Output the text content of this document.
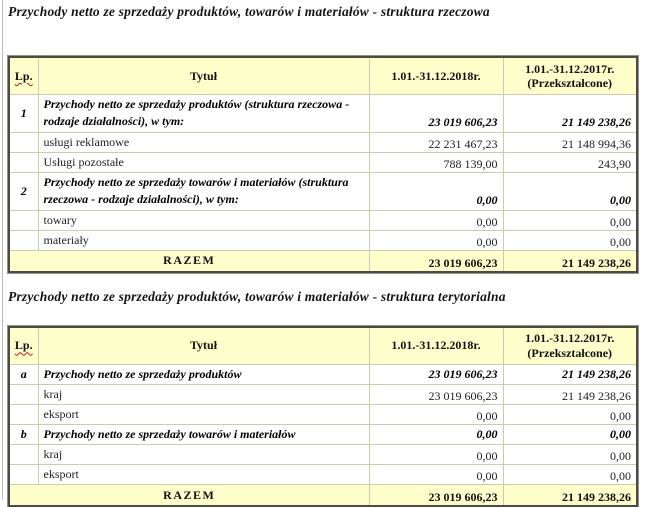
Przychody netto ze sprzedaży produktów, towarów i materiałów - struktura rzeczowa
Lp.	Tytuł	1.01.-31.12.2018r.	1.01.-31.12.2017r. (Przekształcone)
1	Przychody netto ze sprzedaży produktów (struktura rzeczowa - rodzaje działalności), w tym:	23 019 606,23	21 149 238,26
	usługi reklamowe	22 231 467,23	21 148 994,36
	Usługi pozostałe	788 139,00	243,90
2	Przychody netto ze sprzedaży towarów i materiałów (struktura rzeczowa - rodzaje działalności), w tym:	0,00	0,00
	towary	0,00	0,00
	materiały	0,00	0,00
RAZEM		23 019 606,23	21 149 238,26
Przychody netto ze sprzedaży produktów, towarów i materiałów - struktura terytorialna
Lp.	Tytuł	1.01.-31.12.2018r.	1.01.-31.12.2017r. (Przekształcone)
a	Przychody netto ze sprzedaży produktów	23 019 606,23	21 149 238,26
	kraj	23 019 606,23	21 149 238,26
	eksport	0,00	0,00
b	Przychody netto ze sprzedaży towarów i materiałów	0,00	0,00
	kraj	0,00	0,00
	eksport	0,00	0,00
RAZEM		23 019 606,23	21 149 238,26
